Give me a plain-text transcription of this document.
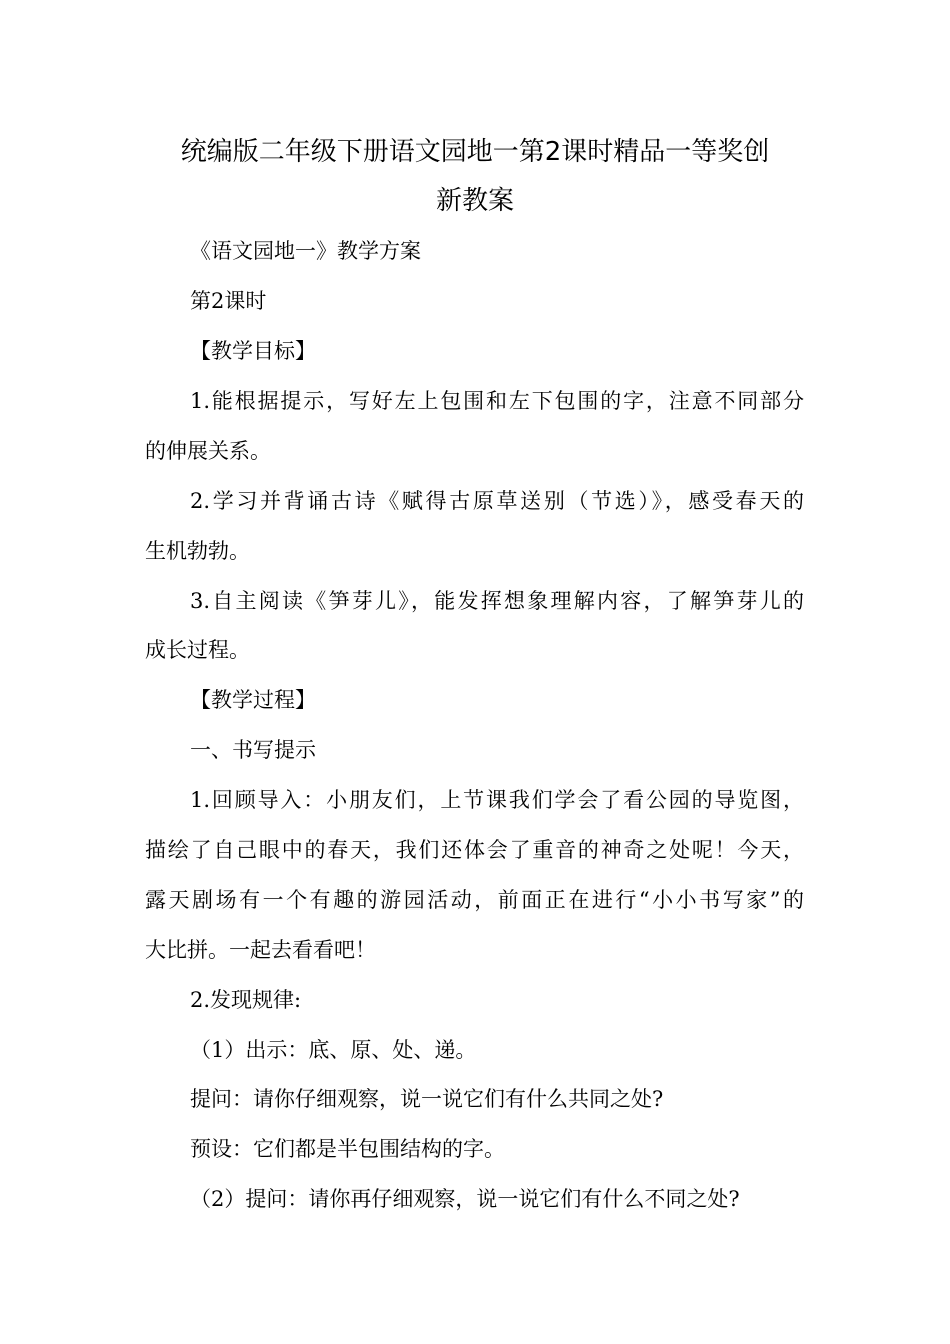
统编版二年级下册语文园地一第2课时精品一等奖创
新教案
《语文园地一》教学方案
第2课时
【教学目标】
1.能根据提示，写好左上包围和左下包围的字，注意不同部分
的伸展关系。
2.学习并背诵古诗《赋得古原草送别（节选）》，感受春天的
生机勃勃。
3.自主阅读《笋芽儿》，能发挥想象理解内容，了解笋芽儿的
成长过程。
【教学过程】
一、书写提示
1.回顾导入：小朋友们，上节课我们学会了看公园的导览图，
描绘了自己眼中的春天，我们还体会了重音的神奇之处呢！今天，
露天剧场有一个有趣的游园活动，前面正在进行“小小书写家”的
大比拼。一起去看看吧！
2.发现规律:
（1）出示：底、原、处、递。
提问：请你仔细观察，说一说它们有什么共同之处?
预设：它们都是半包围结构的字。
（2）提问：请你再仔细观察，说一说它们有什么不同之处?
